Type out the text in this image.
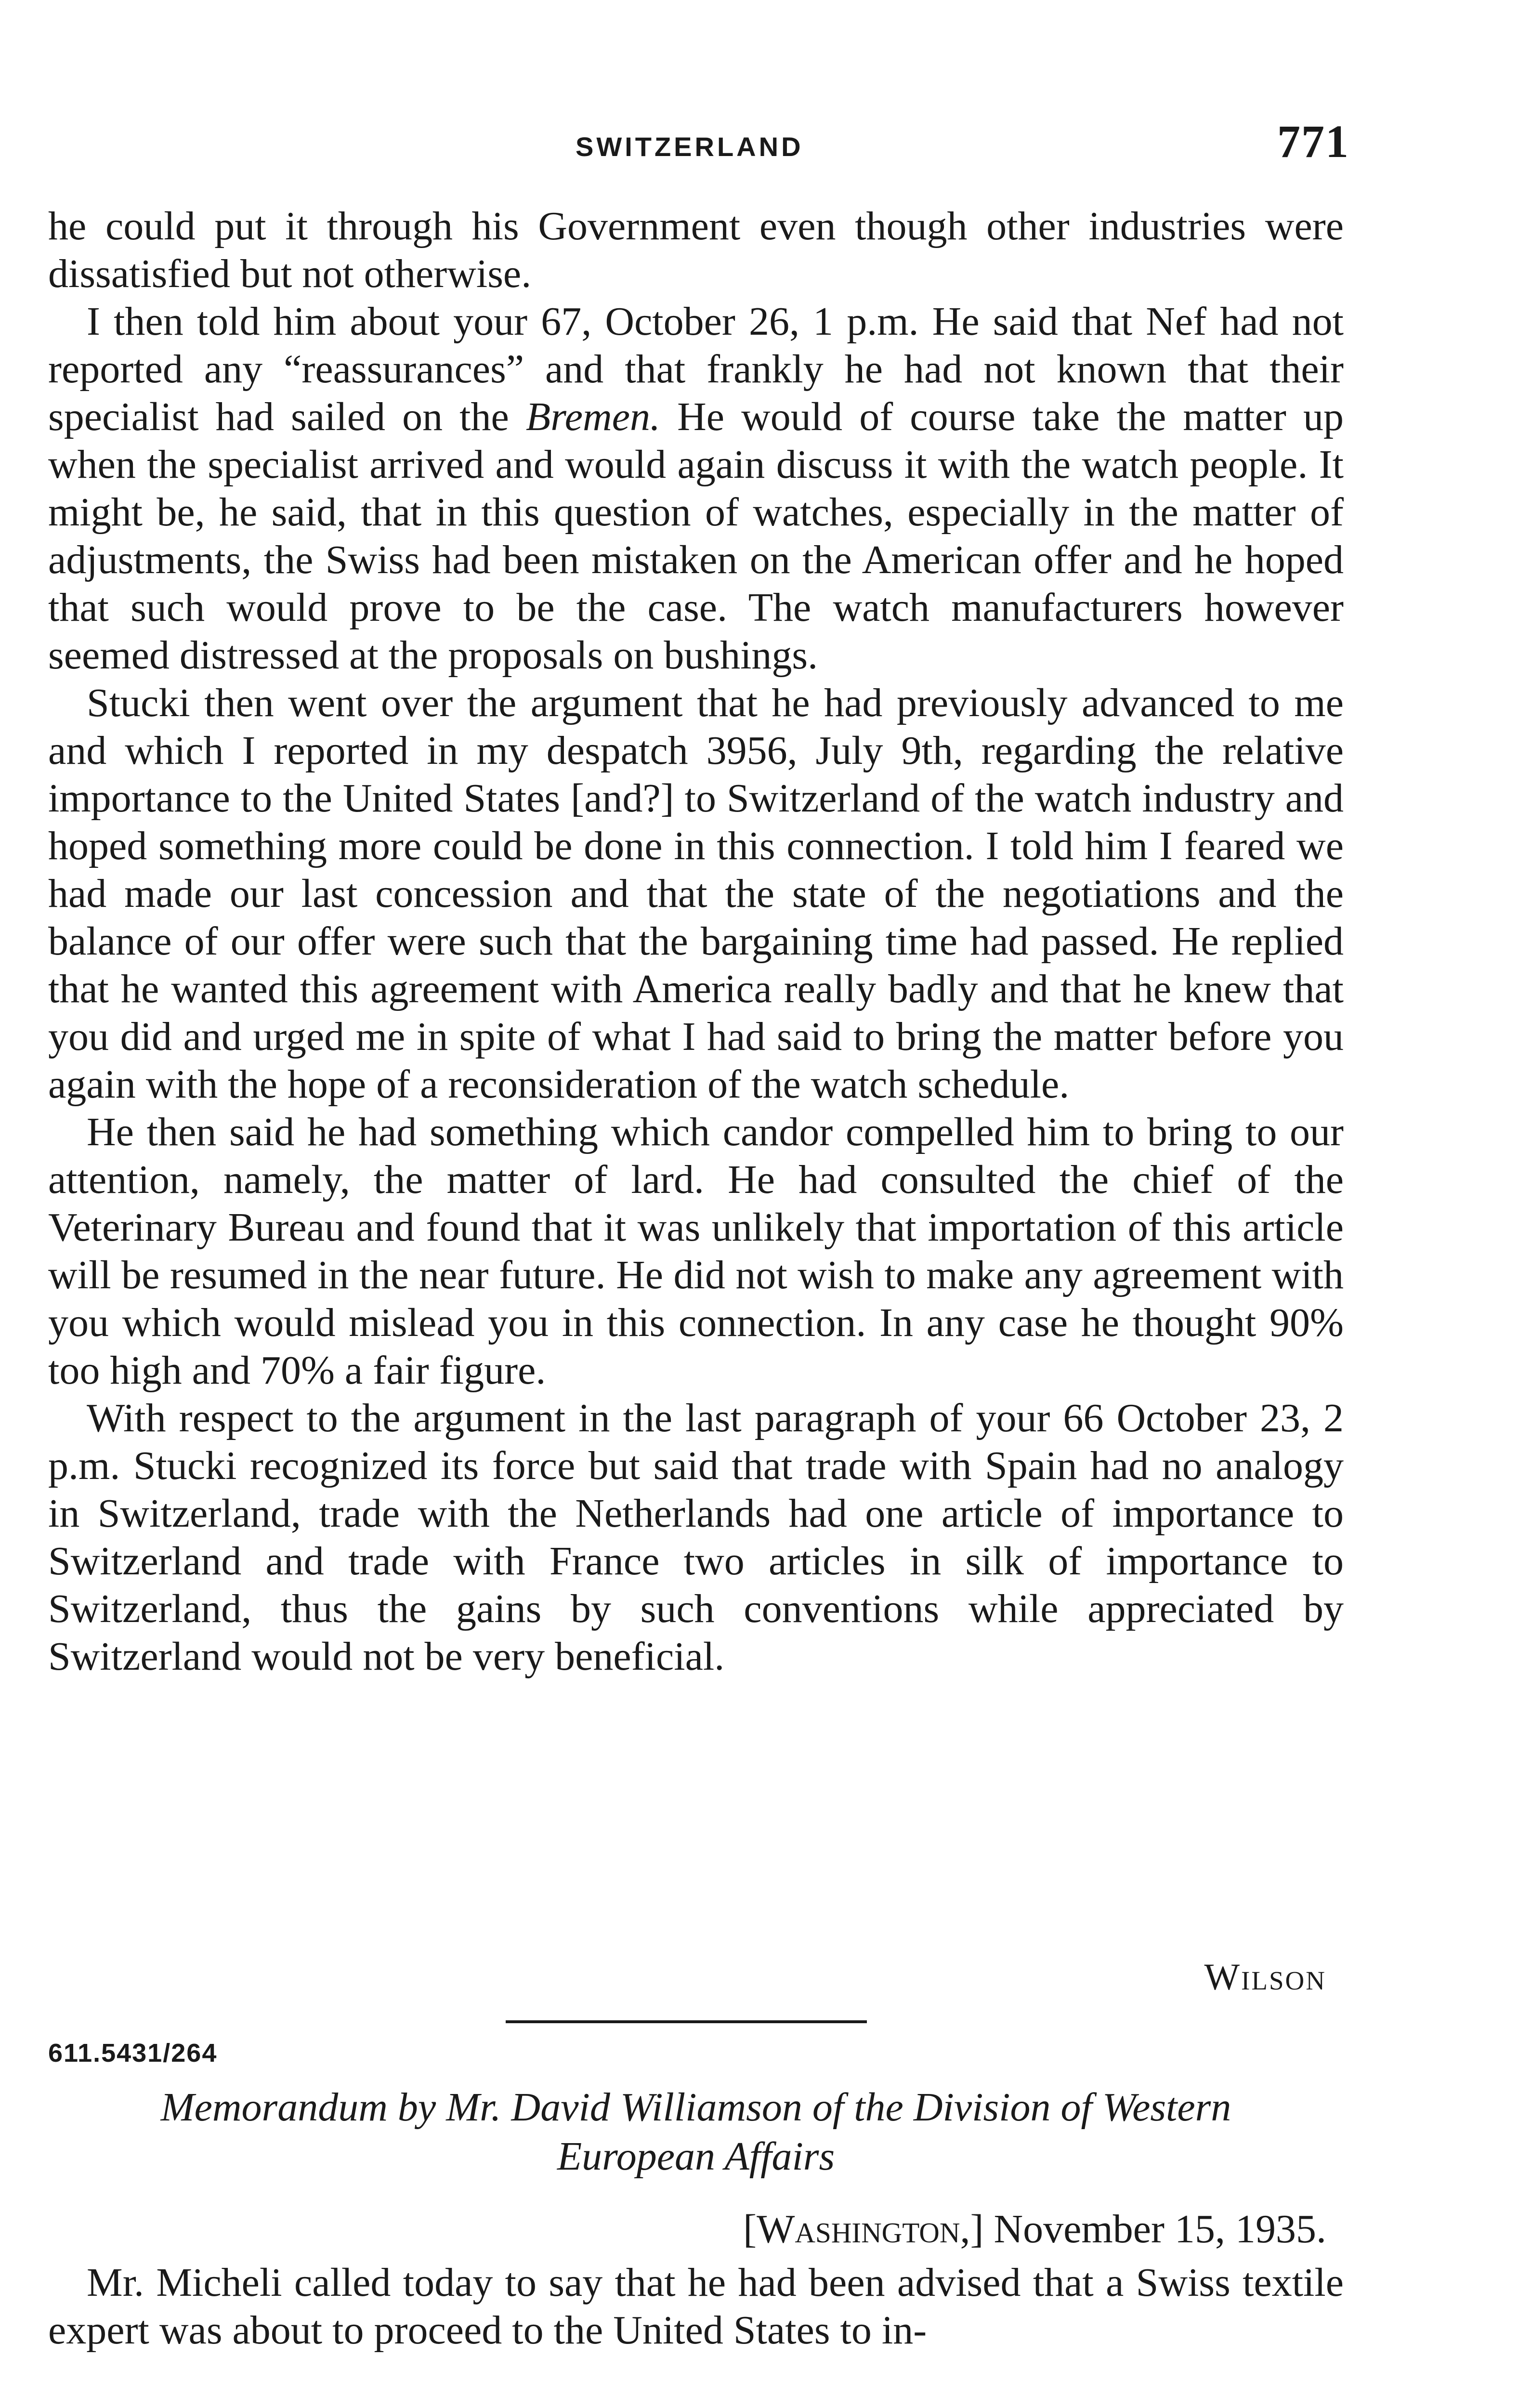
SWITZERLAND	771

he could put it through his Government even though other industries were dissatisfied but not otherwise.

I then told him about your 67, October 26, 1 p.m. He said that Nef had not reported any “reassurances” and that frankly he had not known that their specialist had sailed on the Bremen. He would of course take the matter up when the specialist arrived and would again discuss it with the watch people. It might be, he said, that in this question of watches, especially in the matter of adjustments, the Swiss had been mistaken on the American offer and he hoped that such would prove to be the case. The watch manufacturers however seemed distressed at the proposals on bushings.

Stucki then went over the argument that he had previously advanced to me and which I reported in my despatch 3956, July 9th, regarding the relative importance to the United States [and?] to Switzerland of the watch industry and hoped something more could be done in this connection. I told him I feared we had made our last concession and that the state of the negotiations and the balance of our offer were such that the bargaining time had passed. He replied that he wanted this agreement with America really badly and that he knew that you did and urged me in spite of what I had said to bring the matter before you again with the hope of a reconsideration of the watch schedule.

He then said he had something which candor compelled him to bring to our attention, namely, the matter of lard. He had consulted the chief of the Veterinary Bureau and found that it was unlikely that importation of this article will be resumed in the near future. He did not wish to make any agreement with you which would mislead you in this connection. In any case he thought 90% too high and 70% a fair figure.

With respect to the argument in the last paragraph of your 66 October 23, 2 p.m. Stucki recognized its force but said that trade with Spain had no analogy in Switzerland, trade with the Netherlands had one article of importance to Switzerland and trade with France two articles in silk of importance to Switzerland, thus the gains by such conventions while appreciated by Switzerland would not be very beneficial.

Wilson
611.5431/264
Memorandum by Mr. David Williamson of the Division of Western
European Affairs
[Washington,] November 15, 1935.
Mr. Micheli called today to say that he had been advised that a Swiss textile expert was about to proceed to the United States to in-
